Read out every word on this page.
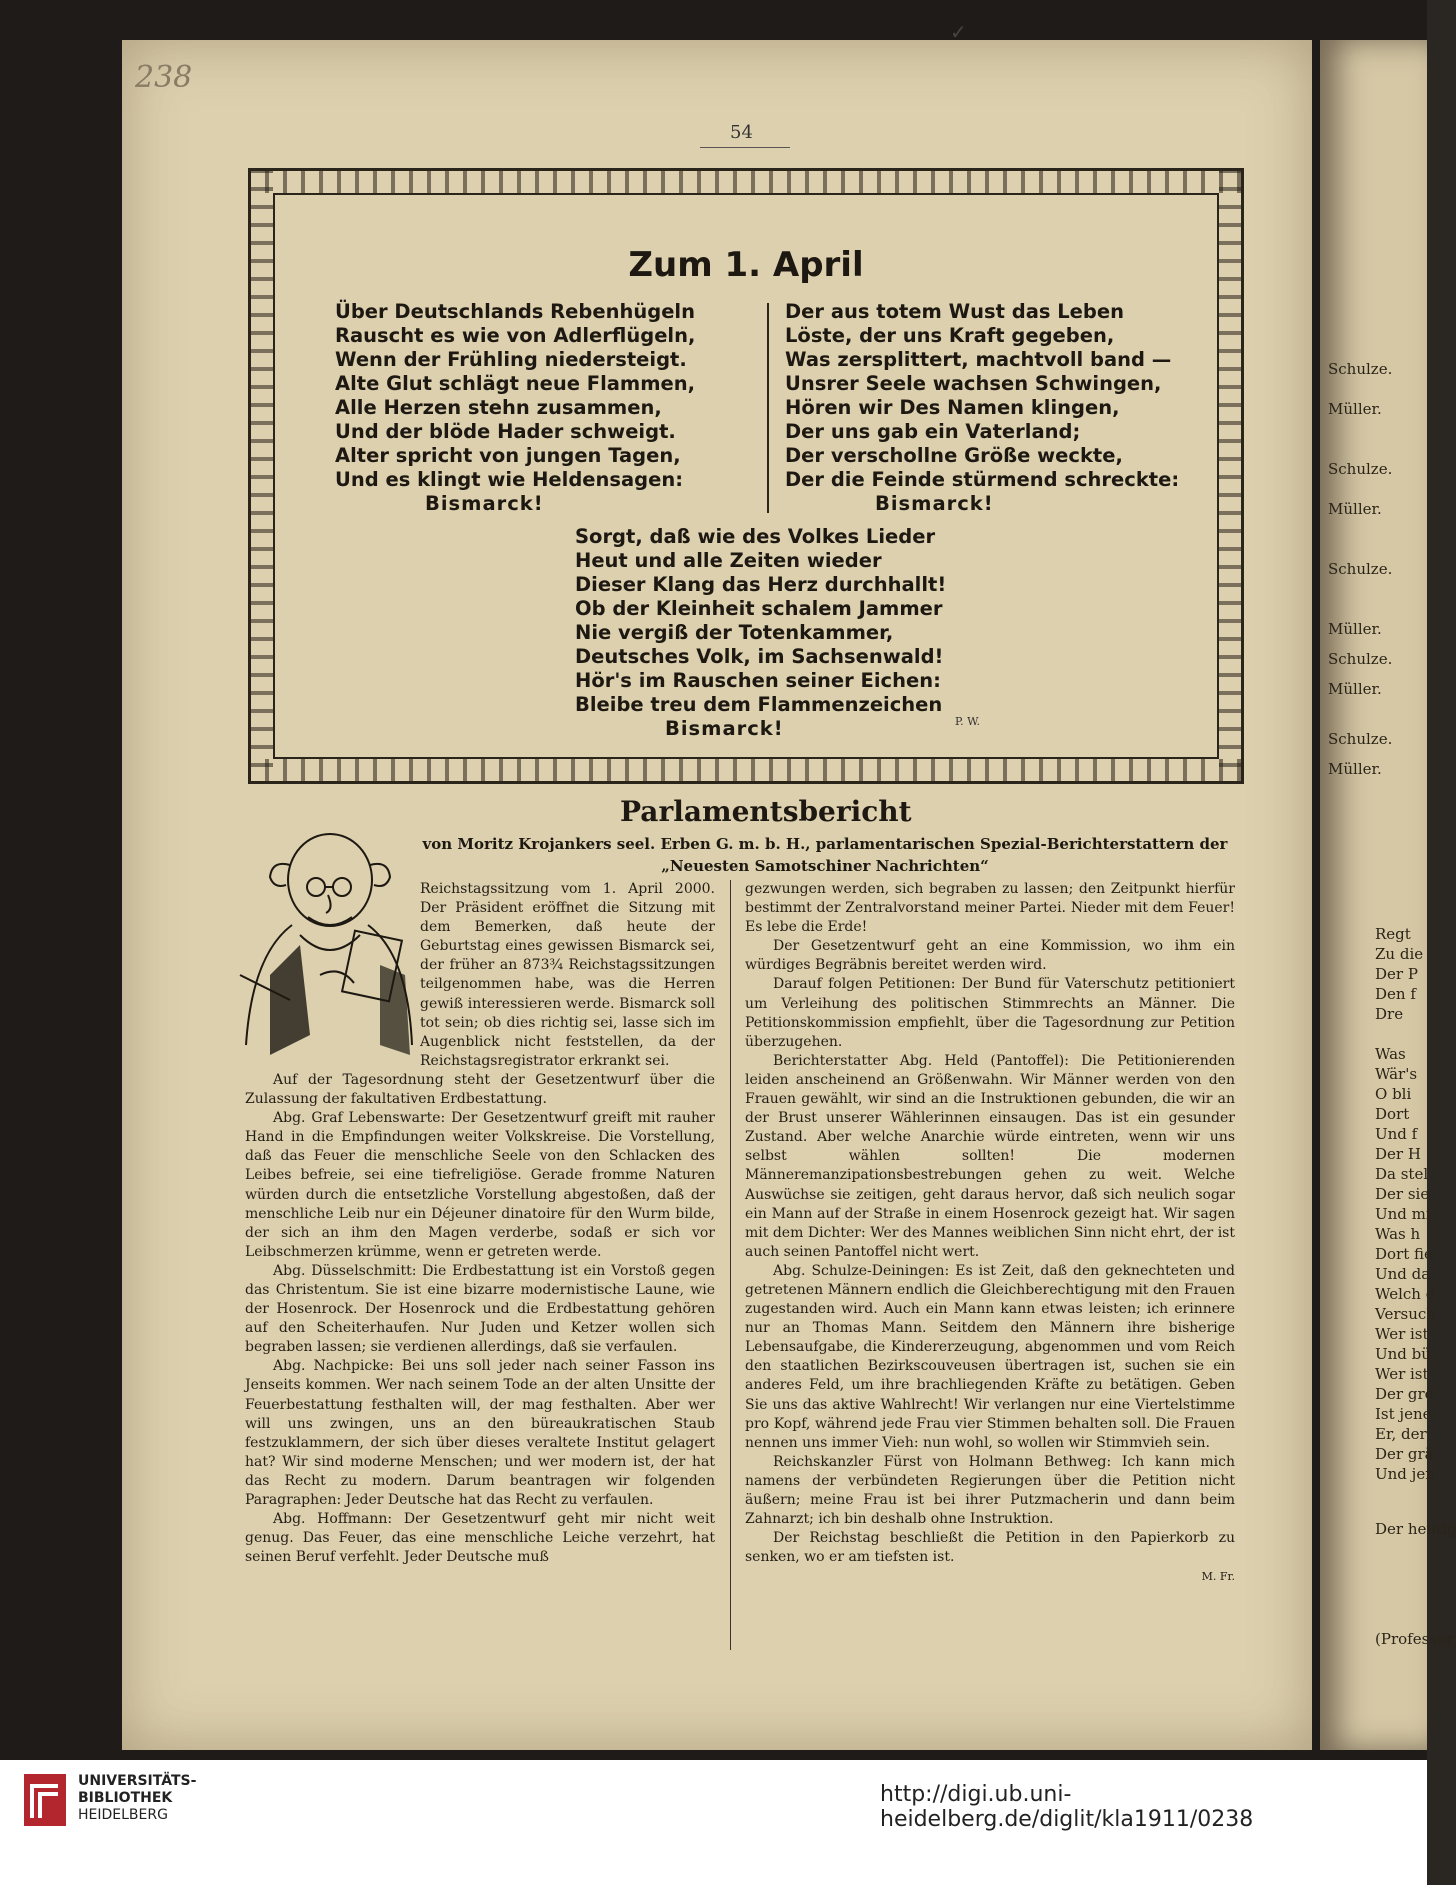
Schulze.
Müller.
Schulze.
Müller.
Schulze.
Müller.
Schulze.
Müller.
Schulze.
Müller.
Regt
Zu die
Der P
Den f
Dre
Was
Wär's
O bli
Dort
Und f
Der H
Da stel
Der sie
Und mi
Was h
Dort fie
Und da
Welch e
Versuch
Wer ist
Und bü
Wer ist
Der gro
Ist jene
Er, der
Der grä
Und jen
Der heutig
(Professor
238
✓
54
Zum 1. April
Über Deutschlands Rebenhügeln
Rauscht es wie von Adlerflügeln,
Wenn der Frühling niedersteigt.
Alte Glut schlägt neue Flammen,
Alle Herzen stehn zusammen,
Und der blöde Hader schweigt.
Alter spricht von jungen Tagen,
Und es klingt wie Heldensagen:
Bismarck!
Der aus totem Wust das Leben
Löste, der uns Kraft gegeben,
Was zersplittert, machtvoll band —
Unsrer Seele wachsen Schwingen,
Hören wir Des Namen klingen,
Der uns gab ein Vaterland;
Der verschollne Größe weckte,
Der die Feinde stürmend schreckte:
Bismarck!
Sorgt, daß wie des Volkes Lieder
Heut und alle Zeiten wieder
Dieser Klang das Herz durchhallt!
Ob der Kleinheit schalem Jammer
Nie vergiß der Totenkammer,
Deutsches Volk, im Sachsenwald!
Hör's im Rauschen seiner Eichen:
Bleibe treu dem Flammenzeichen
Bismarck!	P. W.
Parlamentsbericht
von Moritz Krojankers seel. Erben G. m. b. H., parlamentarischen Spezial-Berichterstattern der
„Neuesten Samotschiner Nachrichten“

Reichstagssitzung vom 1. April 2000. Der Präsident eröffnet die Sitzung mit dem Bemerken, daß heute der Geburtstag eines gewissen Bismarck sei, der früher an 873¾ Reichstagssitzungen teilgenommen habe, was die Herren gewiß interessieren werde. Bismarck soll tot sein; ob dies richtig sei, lasse sich im Augenblick nicht feststellen, da der Reichstagsregistrator erkrankt sei.

Auf der Tagesordnung steht der Gesetzentwurf über die Zulassung der fakultativen Erdbestattung.

Abg. Graf Lebenswarte: Der Gesetzentwurf greift mit rauher Hand in die Empfindungen weiter Volkskreise. Die Vorstellung, daß das Feuer die menschliche Seele von den Schlacken des Leibes befreie, sei eine tiefreligiöse. Gerade fromme Naturen würden durch die entsetzliche Vorstellung abgestoßen, daß der menschliche Leib nur ein Déjeuner dinatoire für den Wurm bilde, der sich an ihm den Magen verderbe, sodaß er sich vor Leibschmerzen krümme, wenn er getreten werde.

Abg. Düsselschmitt: Die Erdbestattung ist ein Vorstoß gegen das Christentum. Sie ist eine bizarre modernistische Laune, wie der Hosenrock. Der Hosenrock und die Erdbestattung gehören auf den Scheiterhaufen. Nur Juden und Ketzer wollen sich begraben lassen; sie verdienen allerdings, daß sie verfaulen.

Abg. Nachpicke: Bei uns soll jeder nach seiner Fasson ins Jenseits kommen. Wer nach seinem Tode an der alten Unsitte der Feuerbestattung festhalten will, der mag festhalten. Aber wer will uns zwingen, uns an den büreaukratischen Staub festzuklammern, der sich über dieses veraltete Institut gelagert hat? Wir sind moderne Menschen; und wer modern ist, der hat das Recht zu modern. Darum beantragen wir folgenden Paragraphen: Jeder Deutsche hat das Recht zu verfaulen.

Abg. Hoffmann: Der Gesetzentwurf geht mir nicht weit genug. Das Feuer, das eine menschliche Leiche verzehrt, hat seinen Beruf verfehlt. Jeder Deutsche muß

gezwungen werden, sich begraben zu lassen; den Zeitpunkt hierfür bestimmt der Zentralvorstand meiner Partei. Nieder mit dem Feuer! Es lebe die Erde!

Der Gesetzentwurf geht an eine Kommission, wo ihm ein würdiges Begräbnis bereitet werden wird.

Darauf folgen Petitionen: Der Bund für Vaterschutz petitioniert um Verleihung des politischen Stimmrechts an Männer. Die Petitionskommission empfiehlt, über die Tagesordnung zur Petition überzugehen.

Berichterstatter Abg. Held (Pantoffel): Die Petitionierenden leiden anscheinend an Größenwahn. Wir Männer werden von den Frauen gewählt, wir sind an die Instruktionen gebunden, die wir an der Brust unserer Wählerinnen einsaugen. Das ist ein gesunder Zustand. Aber welche Anarchie würde eintreten, wenn wir uns selbst wählen sollten! Die modernen Männeremanzipationsbestrebungen gehen zu weit. Welche Auswüchse sie zeitigen, geht daraus hervor, daß sich neulich sogar ein Mann auf der Straße in einem Hosenrock gezeigt hat. Wir sagen mit dem Dichter: Wer des Mannes weiblichen Sinn nicht ehrt, der ist auch seinen Pantoffel nicht wert.

Abg. Schulze-Deiningen: Es ist Zeit, daß den geknechteten und getretenen Männern endlich die Gleichberechtigung mit den Frauen zugestanden wird. Auch ein Mann kann etwas leisten; ich erinnere nur an Thomas Mann. Seitdem den Männern ihre bisherige Lebensaufgabe, die Kindererzeugung, abgenommen und vom Reich den staatlichen Bezirkscouveusen übertragen ist, suchen sie ein anderes Feld, um ihre brachliegenden Kräfte zu betätigen. Geben Sie uns das aktive Wahlrecht! Wir verlangen nur eine Viertelstimme pro Kopf, während jede Frau vier Stimmen behalten soll. Die Frauen nennen uns immer Vieh: nun wohl, so wollen wir Stimmvieh sein.

Reichskanzler Fürst von Holmann Bethweg: Ich kann mich namens der verbündeten Regierungen über die Petition nicht äußern; meine Frau ist bei ihrer Putzmacherin und dann beim Zahnarzt; ich bin deshalb ohne Instruktion.

Der Reichstag beschließt die Petition in den Papierkorb zu senken, wo er am tiefsten ist.

M. Fr.

UNIVERSITÄTS-
BIBLIOTHEK
HEIDELBERG
http://digi.ub.uni-heidelberg.de/diglit/kla1911/0238
